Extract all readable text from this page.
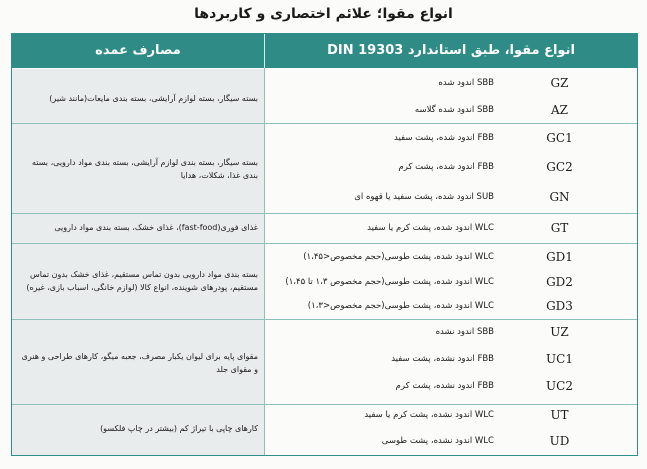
انواع مقوا؛ علائم اختصاری و کاربردها
مصارف عمده	انواع مقوا، طبق استاندارد DIN 19303
بسته سیگار، بسته لوازم آرایشی، بسته بندی مایعات(مانند شیر)
GZ
SBB اندود شده
AZ
SBB اندود شده گلاسه
بسته سیگار، بسته بندی لوازم آرایشی، بسته بندی مواد دارویی، بسته بندی غذا، شکلات، هدایا
GC1
FBB اندود شده، پشت سفید
GC2
FBB اندود شده، پشت کرم
GN
SUB اندود شده، پشت سفید یا قهوه ای
غذای فوری(fast-food)، غذای خشک، بسته بندی مواد دارویی	GT
WLC اندود شده، پشت کرم یا سفید
بسته بندی مواد دارویی بدون تماس مستقیم، غذای خشک بدون تماس مستقیم، پودرهای شوینده، انواع کالا (لوازم خانگی، اسباب بازی، غیره)
GD1
WLC اندود شده، پشت طوسی(حجم مخصوص<۱،۴۵)
GD2
WLC اندود شده، پشت طوسی(حجم مخصوص ۱،۳ تا ۱،۴۵)
GD3
WLC اندود شده، پشت طوسی(حجم مخصوص<۱،۳)
مقوای پایه برای لیوان یکبار مصرف، جعبه میگو، کارهای طراحی و هنری و مقوای جلد
UZ
SBB اندود نشده
UC1
FBB اندود نشده، پشت سفید
UC2
FBB اندود نشده، پشت کرم
کارهای چاپی با تیراژ کم (بیشتر در چاپ فلکسو)
UT
WLC اندود نشده، پشت کرم یا سفید
UD
WLC اندود نشده، پشت طوسی
